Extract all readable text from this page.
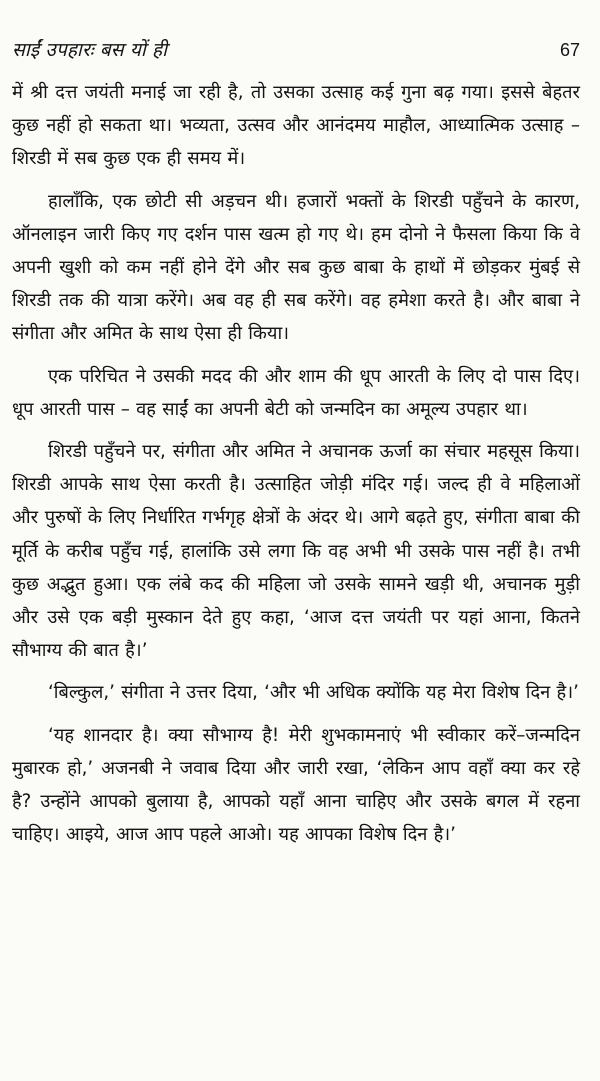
साईं उपहारः बस यों ही	67

में श्री दत्त जयंती मनाई जा रही है, तो उसका उत्साह कई गुना बढ़ गया। इससे बेहतर कुछ नहीं हो सकता था। भव्यता, उत्सव और आनंदमय माहौल, आध्यात्मिक उत्साह – शिरडी में सब कुछ एक ही समय में।

हालाँकि, एक छोटी सी अड़चन थी। हजारों भक्तों के शिरडी पहुँचने के कारण, ऑनलाइन जारी किए गए दर्शन पास खत्म हो गए थे। हम दोनो ने फैसला किया कि वे अपनी खुशी को कम नहीं होने देंगे और सब कुछ बाबा के हाथों में छोड़कर मुंबई से शिरडी तक की यात्रा करेंगे। अब वह ही सब करेंगे। वह हमेशा करते है। और बाबा ने संगीता और अमित के साथ ऐसा ही किया।

एक परिचित ने उसकी मदद की और शाम की धूप आरती के लिए दो पास दिए। धूप आरती पास – वह साईं का अपनी बेटी को जन्मदिन का अमूल्य उपहार था।

शिरडी पहुँचने पर, संगीता और अमित ने अचानक ऊर्जा का संचार महसूस किया। शिरडी आपके साथ ऐसा करती है। उत्साहित जोड़ी मंदिर गई। जल्द ही वे महिलाओं और पुरुषों के लिए निर्धारित गर्भगृह क्षेत्रों के अंदर थे। आगे बढ़ते हुए, संगीता बाबा की मूर्ति के करीब पहुँच गई, हालांकि उसे लगा कि वह अभी भी उसके पास नहीं है। तभी कुछ अद्भुत हुआ। एक लंबे कद की महिला जो उसके सामने खड़ी थी, अचानक मुड़ी और उसे एक बड़ी मुस्कान देते हुए कहा, ‘आज दत्त जयंती पर यहां आना, कितने सौभाग्य की बात है।’

‘बिल्कुल,’ संगीता ने उत्तर दिया, ‘और भी अधिक क्योंकि यह मेरा विशेष दिन है।’

‘यह शानदार है। क्या सौभाग्य है! मेरी शुभकामनाएं भी स्वीकार करें–जन्मदिन मुबारक हो,’ अजनबी ने जवाब दिया और जारी रखा, ‘लेकिन आप वहाँ क्या कर रहे है? उन्होंने आपको बुलाया है, आपको यहाँ आना चाहिए और उसके बगल में रहना चाहिए। आइये, आज आप पहले आओ। यह आपका विशेष दिन है।’
